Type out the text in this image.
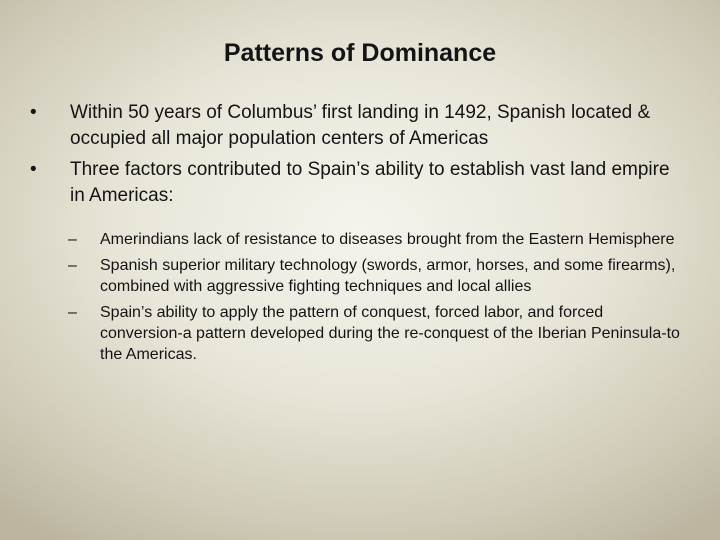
Patterns of Dominance
•	Within 50 years of Columbus’ first landing in 1492, Spanish located & occupied all major population centers of Americas
•	Three factors contributed to Spain’s ability to establish vast land empire in Americas:
–	Amerindians lack of resistance to diseases brought from the Eastern Hemisphere
–	Spanish superior military technology (swords, armor, horses, and some firearms), combined with aggressive fighting techniques and local allies
–	Spain’s ability to apply the pattern of conquest, forced labor, and forced conversion-a pattern developed during the re-conquest of the Iberian Peninsula-to the Americas.
